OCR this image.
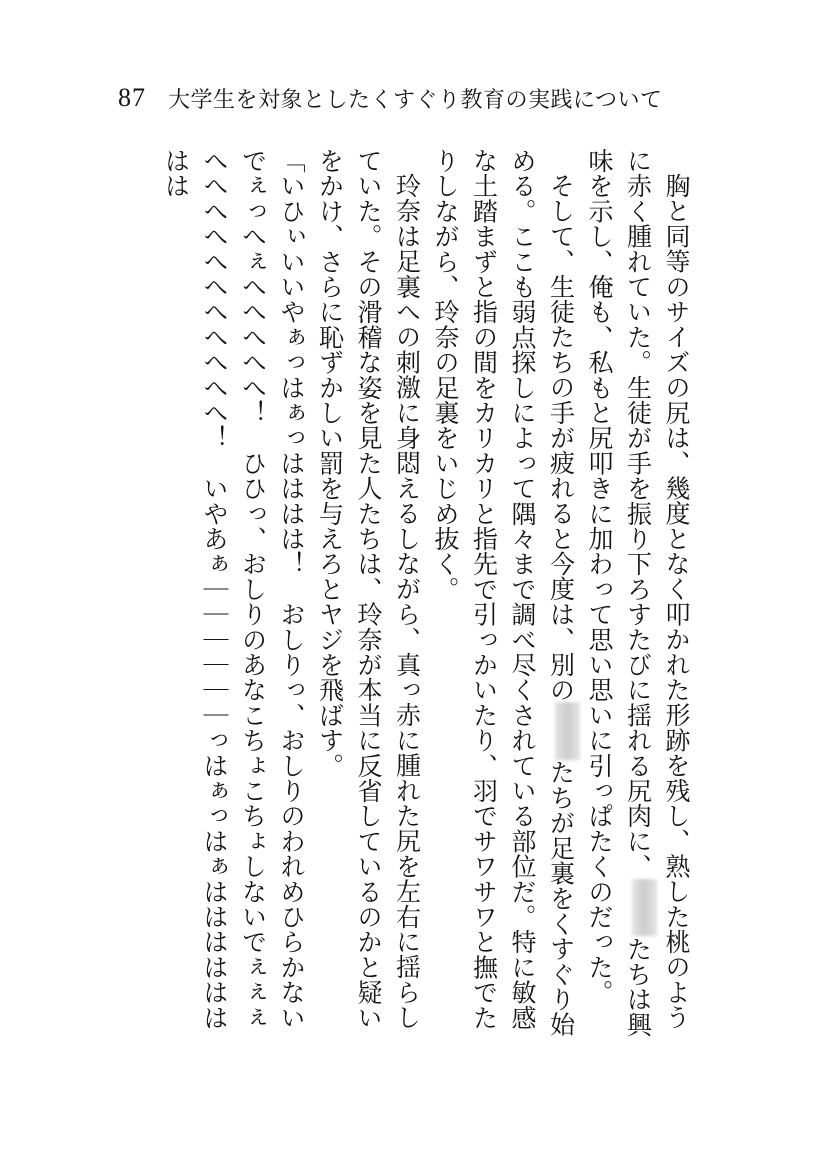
87 大学生を対象としたくすぐり教育の実践について

胸と同等のサイズの尻は、幾度となく叩かれた形跡を残し、熟した桃のように赤く腫れていた。生徒が手を振り下ろすたびに揺れる尻肉に、たちは興味を示し、俺も、私もと尻叩きに加わって思い思いに引っぱたくのだった。

そして、生徒たちの手が疲れると今度は、別のたちが足裏をくすぐり始める。ここも弱点探しによって隅々まで調べ尽くされている部位だ。特に敏感な土踏まずと指の間をカリカリと指先で引っかいたり、羽でサワサワと撫でたりしながら、玲奈の足裏をいじめ抜く。

玲奈は足裏への刺激に身悶えるしながら、真っ赤に腫れた尻を左右に揺らしていた。その滑稽な姿を見た人たちは、玲奈が本当に反省しているのかと疑いをかけ、さらに恥ずかしい罰を与えろとヤジを飛ばす。

「いひぃいいやぁっはぁっはははは！　おしりっ、おしりのわれめひらかないでぇっへぇへへへへへ！　ひひっ、おしりのあなこちょこちょしないでぇぇぇへへへへへへへへへへへ！　いやあぁ｜｜｜｜｜｜っはぁっはぁはははははははは
